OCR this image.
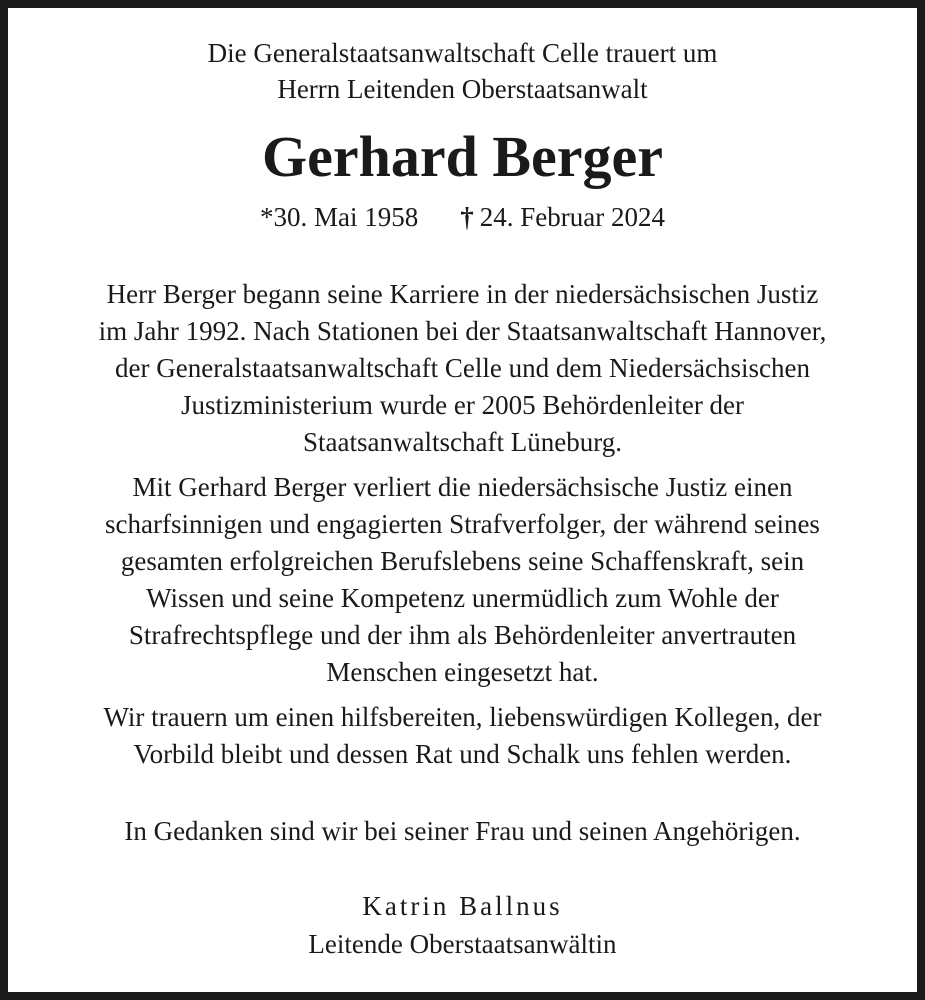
Die Generalstaatsanwaltschaft Celle trauert um
Herrn Leitenden Oberstaatsanwalt
Gerhard Berger
*30. Mai 1958 † 24. Februar 2024
Herr Berger begann seine Karriere in der niedersächsischen Justiz
im Jahr 1992. Nach Stationen bei der Staatsanwaltschaft Hannover,
der Generalstaatsanwaltschaft Celle und dem Niedersächsischen
Justizministerium wurde er 2005 Behördenleiter der
Staatsanwaltschaft Lüneburg.
Mit Gerhard Berger verliert die niedersächsische Justiz einen
scharfsinnigen und engagierten Strafverfolger, der während seines
gesamten erfolgreichen Berufslebens seine Schaffenskraft, sein
Wissen und seine Kompetenz unermüdlich zum Wohle der
Strafrechtspflege und der ihm als Behördenleiter anvertrauten
Menschen eingesetzt hat.
Wir trauern um einen hilfsbereiten, liebenswürdigen Kollegen, der
Vorbild bleibt und dessen Rat und Schalk uns fehlen werden.
In Gedanken sind wir bei seiner Frau und seinen Angehörigen.
Katrin Ballnus
Leitende Oberstaatsanwältin
